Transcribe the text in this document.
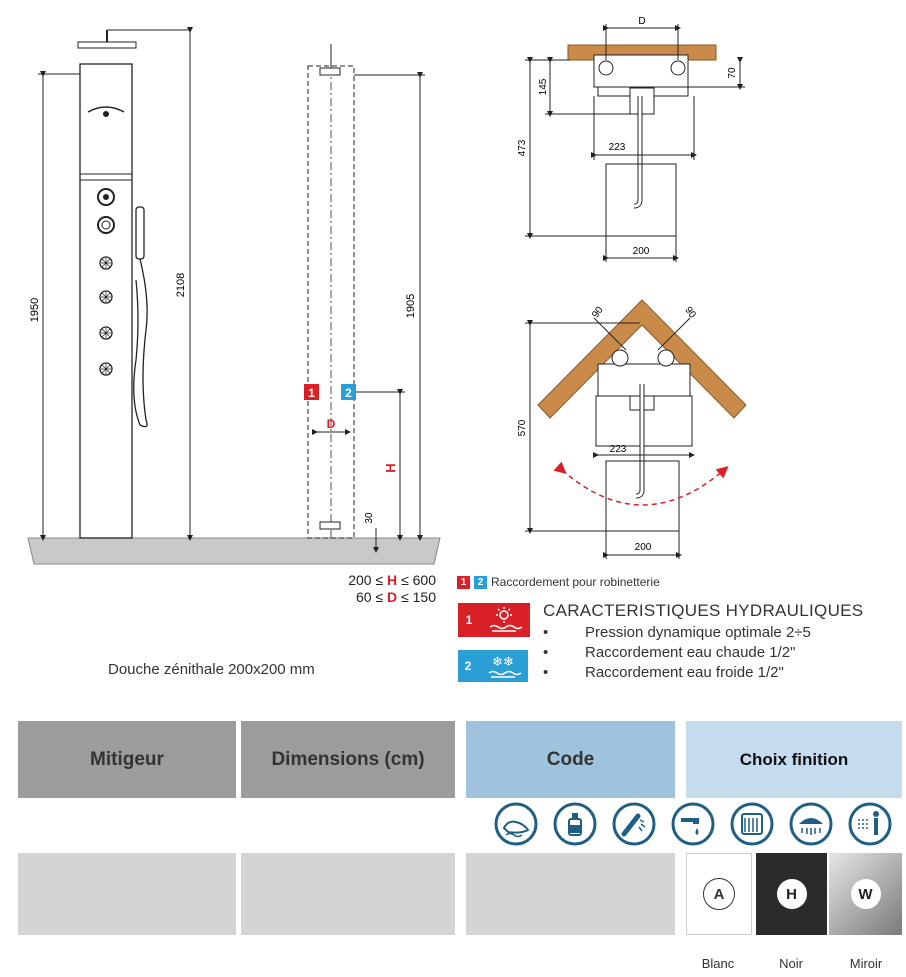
1950
2108
1905
1	2
D
H
30
D
145
473
70
223
200
90	90
570
223
200
200 ≤ H ≤ 600
60 ≤ D ≤ 150
Douche zénithale 200x200 mm
1	2 Raccordement pour robinetterie
1
2	❄❄
CARACTERISTIQUES HYDRAULIQUES
•	Pression dynamique optimale 2÷5
•	Raccordement eau chaude 1/2"
•	Raccordement eau froide 1/2"
Mitigeur	Dimensions (cm)	Code	Choix finition
A	H	W
Blanc	Noir	Miroir
